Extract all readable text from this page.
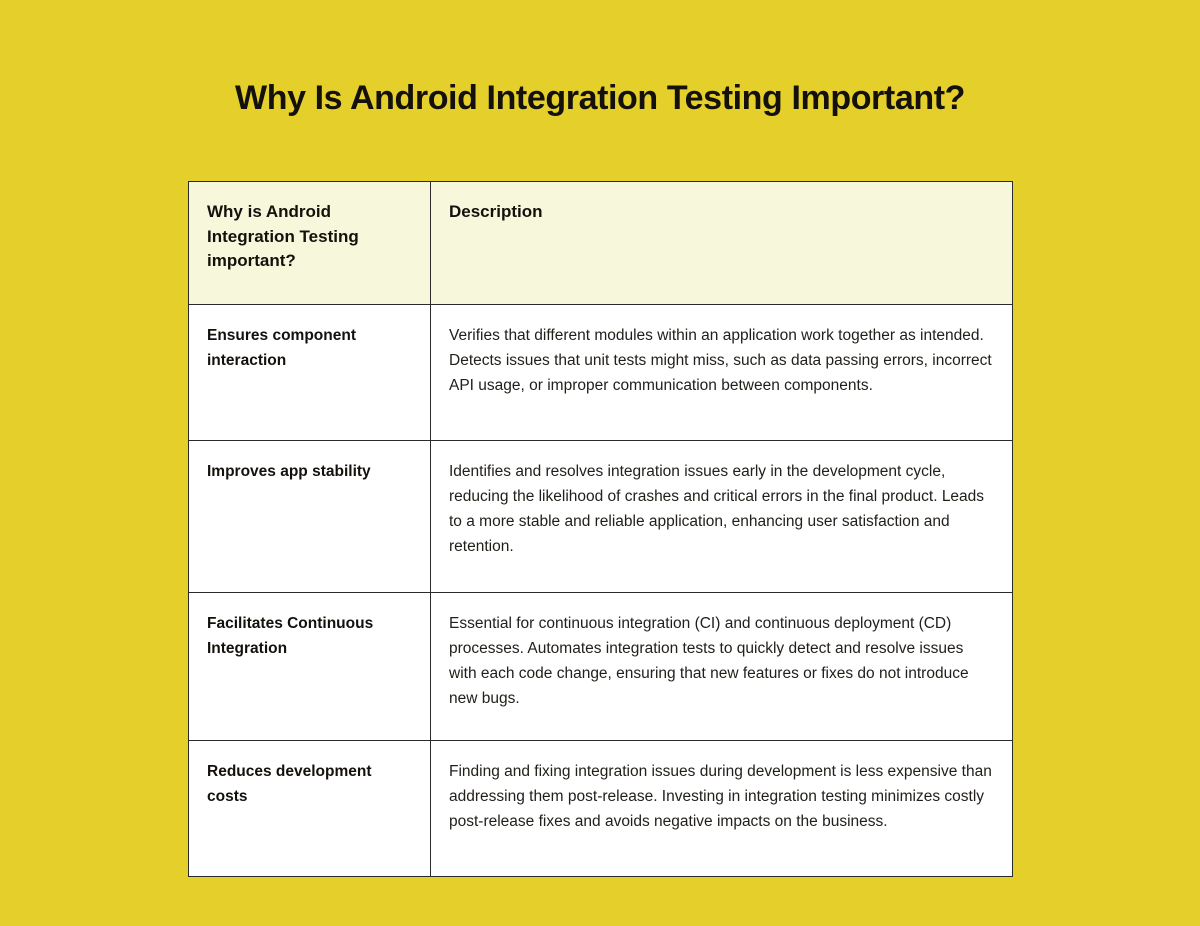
Why Is Android Integration Testing Important?
Why is Android Integration Testing important?	Description
Ensures component interaction	Verifies that different modules within an application work together as intended. Detects issues that unit tests might miss, such as data passing errors, incorrect API usage, or improper communication between components.
Improves app stability	Identifies and resolves integration issues early in the development cycle, reducing the likelihood of crashes and critical errors in the final product. Leads to a more stable and reliable application, enhancing user satisfaction and retention.
Facilitates Continuous Integration	Essential for continuous integration (CI) and continuous deployment (CD) processes. Automates integration tests to quickly detect and resolve issues with each code change, ensuring that new features or fixes do not introduce new bugs.
Reduces development costs	Finding and fixing integration issues during development is less expensive than addressing them post-release. Investing in integration testing minimizes costly post-release fixes and avoids negative impacts on the business.
